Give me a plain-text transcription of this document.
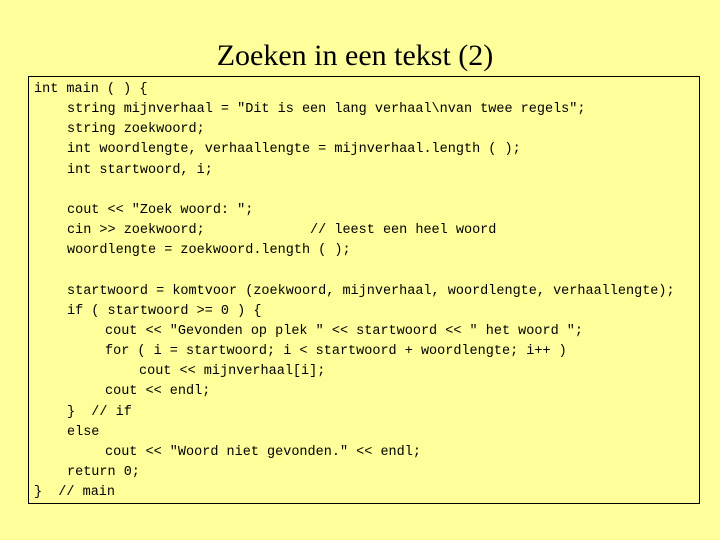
Zoeken in een tekst (2)
int main ( ) {
string mijnverhaal = "Dit is een lang verhaal\nvan twee regels";
string zoekwoord;
int woordlengte, verhaallengte = mijnverhaal.length ( );
int startwoord, i;
cout << "Zoek woord: ";
cin >> zoekwoord;             // leest een heel woord
woordlengte = zoekwoord.length ( );
startwoord = komtvoor (zoekwoord, mijnverhaal, woordlengte, verhaallengte);
if ( startwoord >= 0 ) {
cout << "Gevonden op plek " << startwoord << " het woord ";
for ( i = startwoord; i < startwoord + woordlengte; i++ )
cout << mijnverhaal[i];
cout << endl;
}  // if
else
cout << "Woord niet gevonden." << endl;
return 0;
}  // main
